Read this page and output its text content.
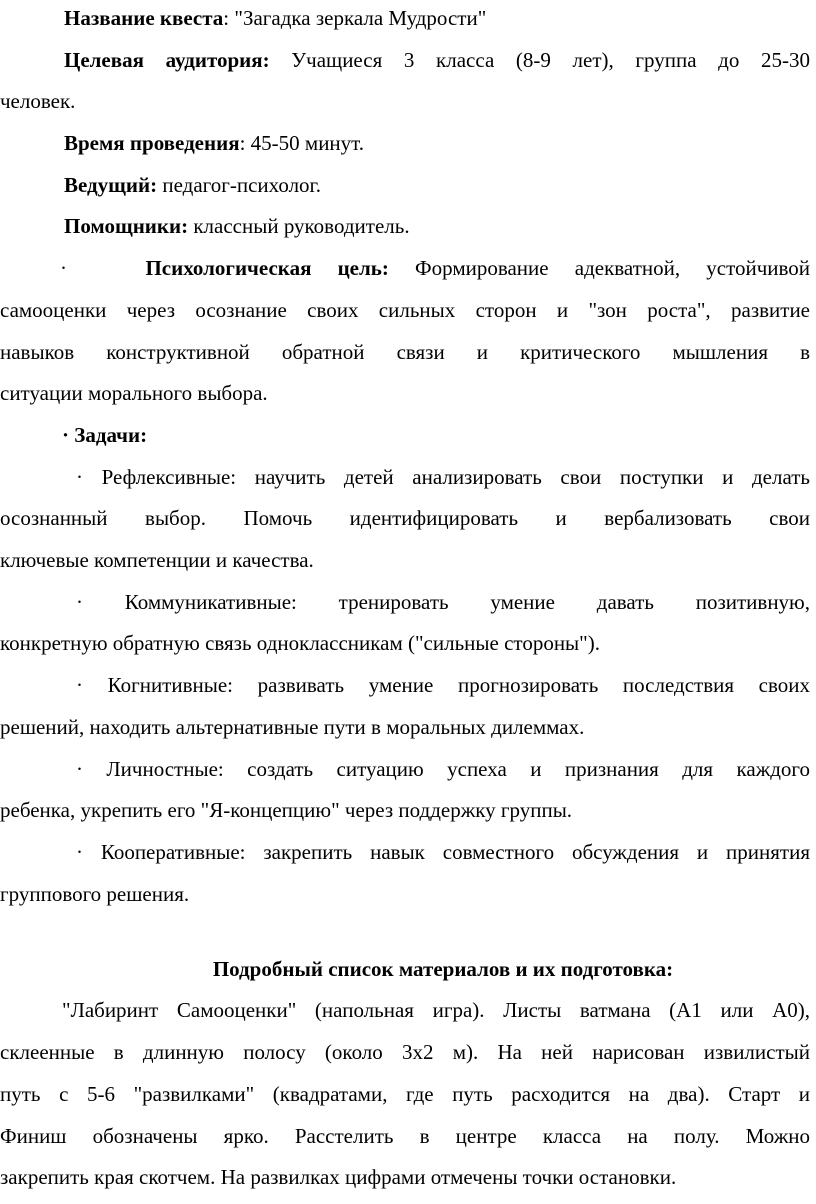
Название квеста: "Загадка зеркала Мудрости"
Целевая аудитория: Учащиеся 3 класса (8-9 лет), группа до 25-30
человек.
Время проведения: 45-50 минут.
Ведущий: педагог-психолог.
Помощники: классный руководитель.
·	Психологическая цель: Формирование адекватной, устойчивой
самооценки через осознание своих сильных сторон и "зон роста", развитие
навыков конструктивной обратной связи и критического мышления в
ситуации морального выбора.
· Задачи:
· Рефлексивные: научить детей анализировать свои поступки и делать
осознанный выбор. Помочь идентифицировать и вербализовать свои
ключевые компетенции и качества.
· Коммуникативные: тренировать умение давать позитивную,
конкретную обратную связь одноклассникам ("сильные стороны").
· Когнитивные: развивать умение прогнозировать последствия своих
решений, находить альтернативные пути в моральных дилеммах.
· Личностные: создать ситуацию успеха и признания для каждого
ребенка, укрепить его "Я-концепцию" через поддержку группы.
· Кооперативные: закрепить навык совместного обсуждения и принятия
группового решения.
Подробный список материалов и их подготовка:
"Лабиринт Самооценки" (напольная игра). Листы ватмана (А1 или А0),
склеенные в длинную полосу (около 3х2 м). На ней нарисован извилистый
путь с 5-6 "развилками" (квадратами, где путь расходится на два). Старт и
Финиш обозначены ярко. Расстелить в центре класса на полу. Можно
закрепить края скотчем. На развилках цифрами отмечены точки остановки.
